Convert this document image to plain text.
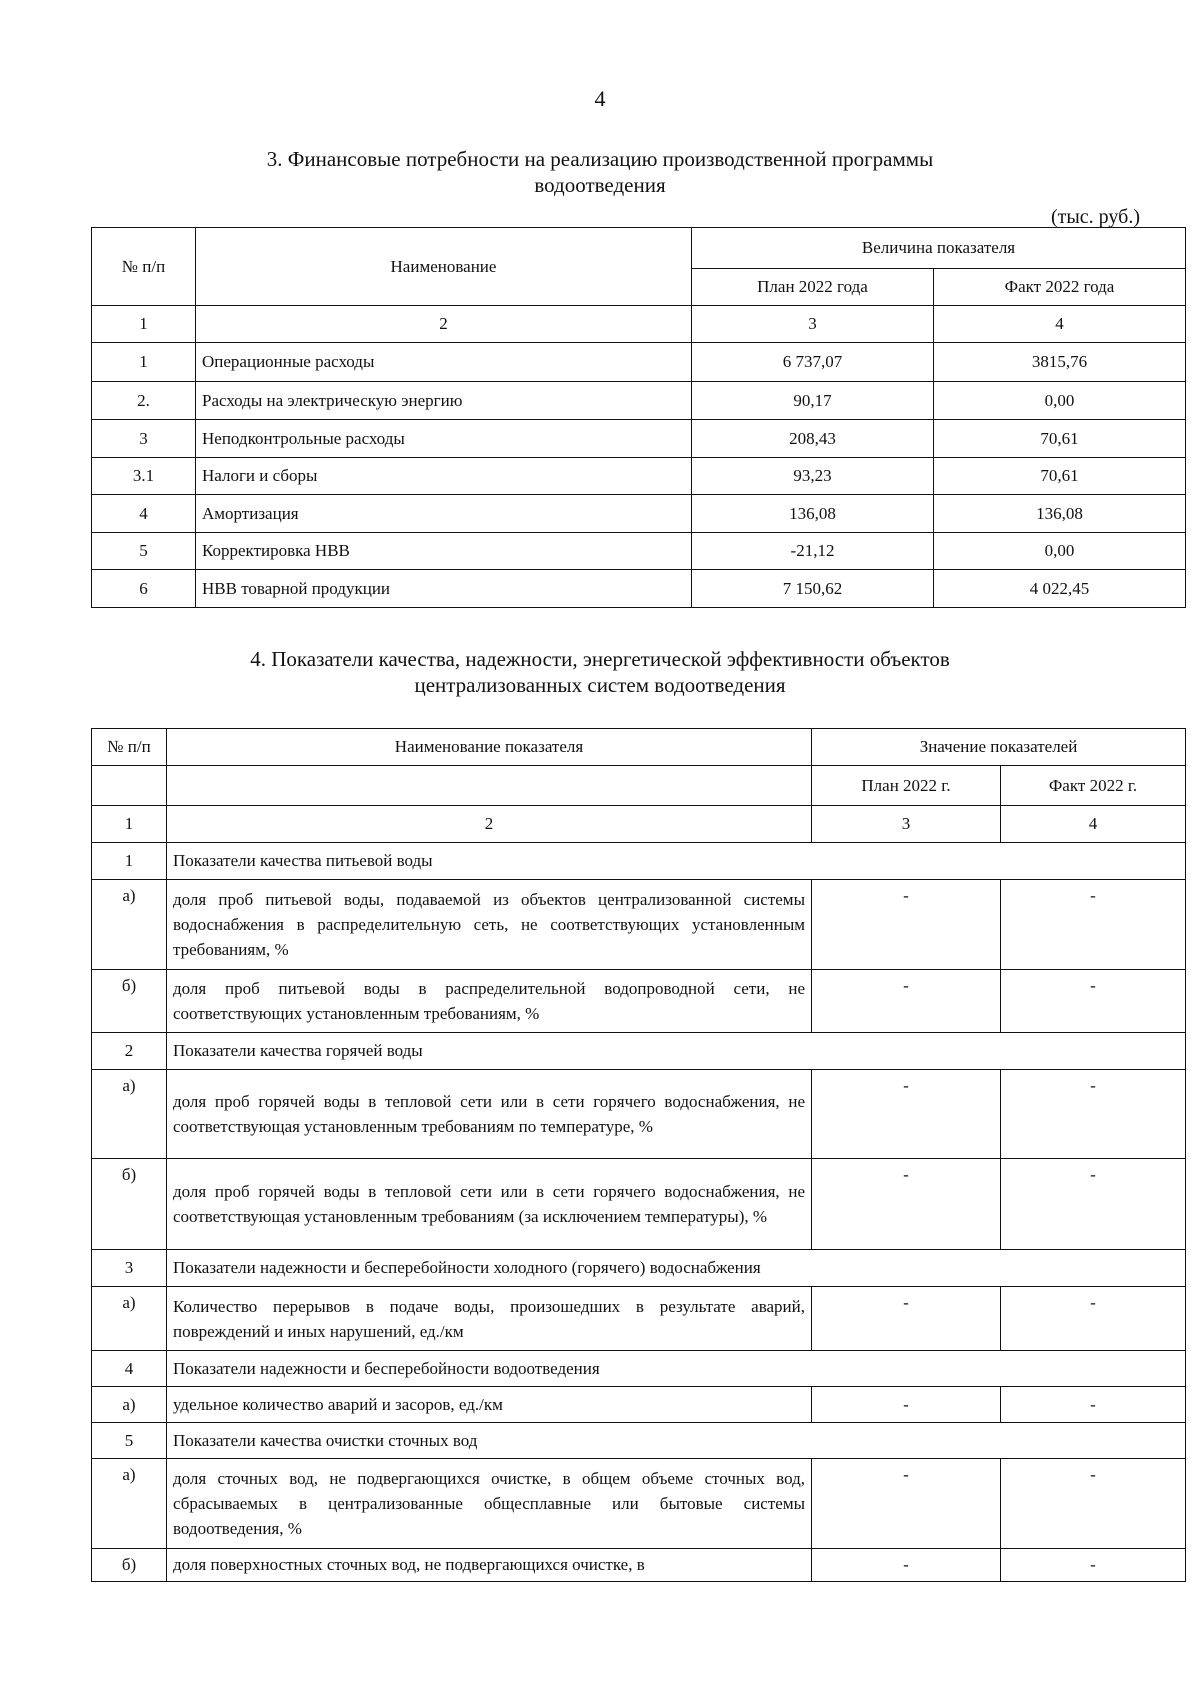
4
3. Финансовые потребности на реализацию производственной программы
водоотведения
(тыс. руб.)
№ п/п	Наименование	Величина показателя	
		План 2022 года	Факт 2022 года
1	2	3	4
1	Операционные расходы	6 737,07	3815,76
2.	Расходы на электрическую энергию	90,17	0,00
3	Неподконтрольные расходы	208,43	70,61
3.1	Налоги и сборы	93,23	70,61
4	Амортизация	136,08	136,08
5	Корректировка НВВ	-21,12	0,00
6	НВВ товарной продукции	7 150,62	4 022,45
4. Показатели качества, надежности, энергетической эффективности объектов
централизованных систем водоотведения
№ п/п	Наименование показателя	Значение показателей	
		План 2022 г.	Факт 2022 г.
1	2	3	4
1	Показатели качества питьевой воды		
а)	доля проб питьевой воды, подаваемой из объектов централизованной системы водоснабжения в распределительную сеть, не соответствующих установленным требованиям, %	-	-
б)	доля проб питьевой воды в распределительной водопроводной сети, не соответствующих установленным требованиям, %	-	-
2	Показатели качества горячей воды		
а)	доля проб горячей воды в тепловой сети или в сети горячего водоснабжения, не соответствующая установленным требованиям по температуре, %	-	-
б)	доля проб горячей воды в тепловой сети или в сети горячего водоснабжения, не соответствующая установленным требованиям (за исключением температуры), %	-	-
3	Показатели надежности и бесперебойности холодного (горячего) водоснабжения		
а)	Количество перерывов в подаче воды, произошедших в результате аварий, повреждений и иных нарушений, ед./км	-	-
4	Показатели надежности и бесперебойности водоотведения		
а)	удельное количество аварий и засоров, ед./км	-	-
5	Показатели качества очистки сточных вод		
а)	доля сточных вод, не подвергающихся очистке, в общем объеме сточных вод, сбрасываемых в централизованные общесплавные или бытовые системы водоотведения, %	-	-
б)	доля поверхностных сточных вод, не подвергающихся очистке, в	-	-
